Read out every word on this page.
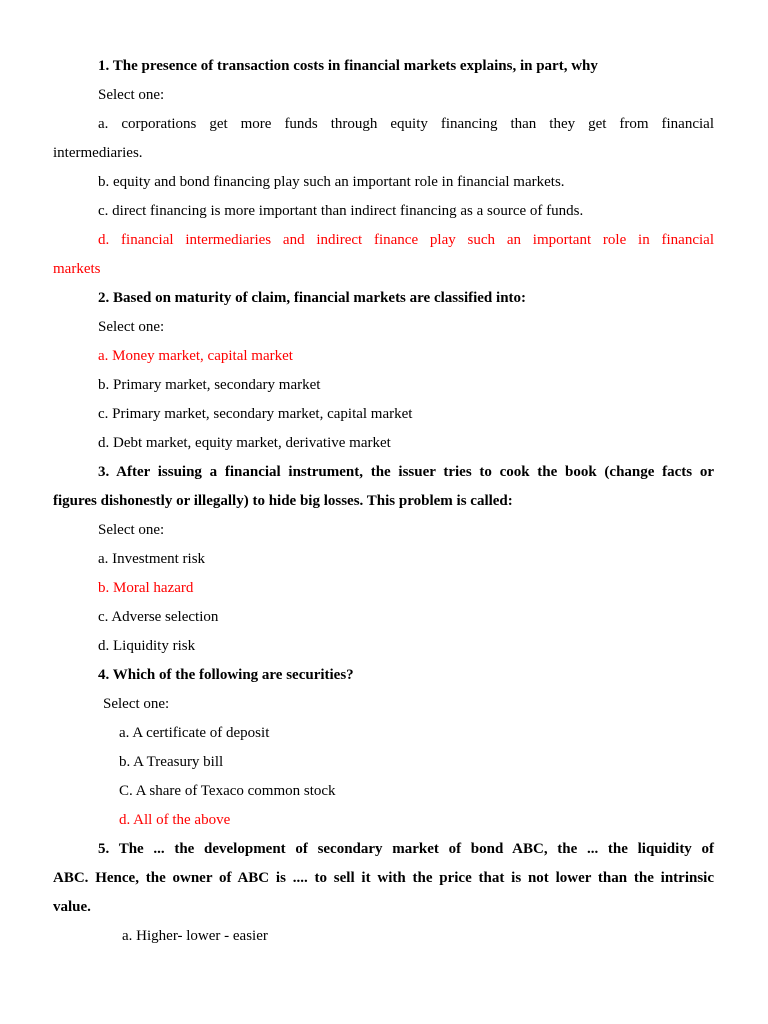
1. The presence of transaction costs in financial markets explains, in part, why
Select one:
a. corporations get more funds through equity financing than they get from financial
intermediaries.
b. equity and bond financing play such an important role in financial markets.
c. direct financing is more important than indirect financing as a source of funds.
d. financial intermediaries and indirect finance play such an important role in financial
markets
2. Based on maturity of claim, financial markets are classified into:
Select one:
a. Money market, capital market
b. Primary market, secondary market
c. Primary market, secondary market, capital market
d. Debt market, equity market, derivative market
3. After issuing a financial instrument, the issuer tries to cook the book (change facts or
figures dishonestly or illegally) to hide big losses. This problem is called:
Select one:
a. Investment risk
b. Moral hazard
c. Adverse selection
d. Liquidity risk
4. Which of the following are securities?
Select one:
a. A certificate of deposit
b. A Treasury bill
C. A share of Texaco common stock
d. All of the above
5. The ... the development of secondary market of bond ABC, the ... the liquidity of
ABC. Hence, the owner of ABC is .... to sell it with the price that is not lower than the intrinsic
value.
a. Higher- lower - easier
